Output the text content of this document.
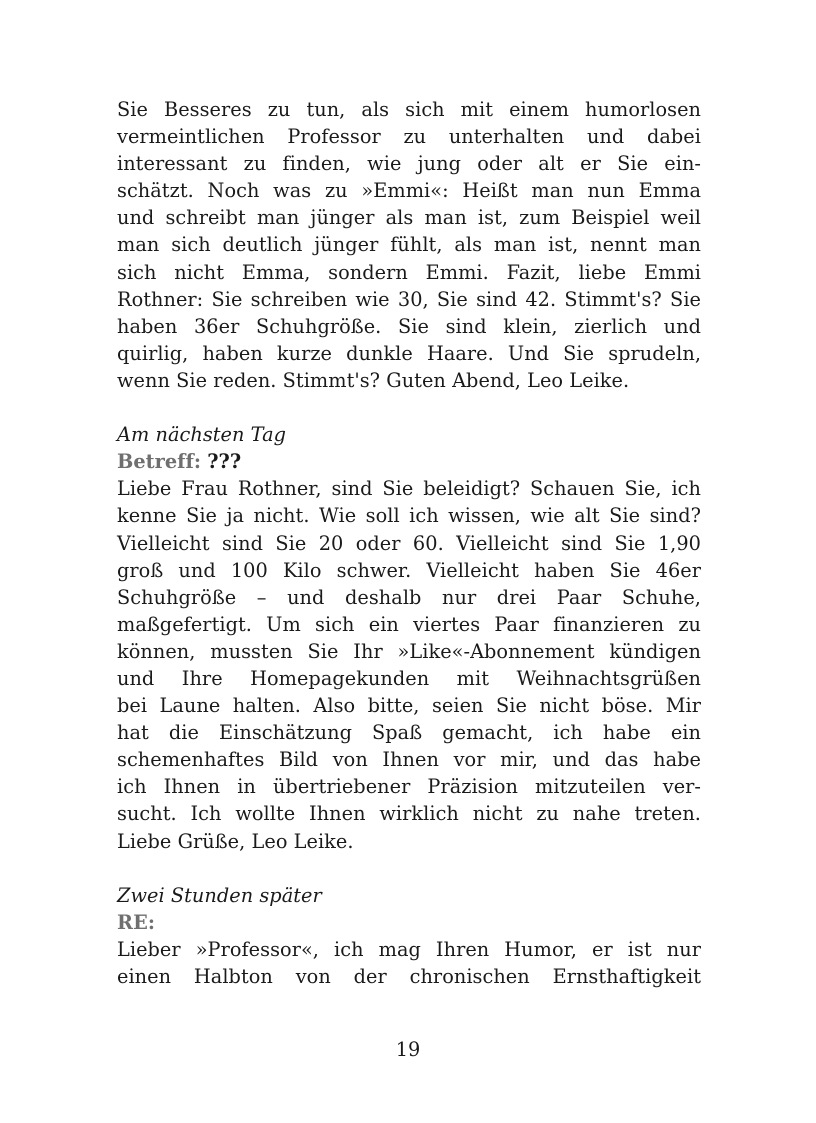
Sie Besseres zu tun, als sich mit einem humorlosen
vermeintlichen Professor zu unterhalten und dabei
interessant zu finden, wie jung oder alt er Sie ein-
schätzt. Noch was zu »Emmi«: Heißt man nun Emma
und schreibt man jünger als man ist, zum Beispiel weil
man sich deutlich jünger fühlt, als man ist, nennt man
sich nicht Emma, sondern Emmi. Fazit, liebe Emmi
Rothner: Sie schreiben wie 30, Sie sind 42. Stimmt's? Sie
haben 36er Schuhgröße. Sie sind klein, zierlich und
quirlig, haben kurze dunkle Haare. Und Sie sprudeln,
wenn Sie reden. Stimmt's? Guten Abend, Leo Leike.
Am nächsten Tag
Betreff: ???
Liebe Frau Rothner, sind Sie beleidigt? Schauen Sie, ich
kenne Sie ja nicht. Wie soll ich wissen, wie alt Sie sind?
Vielleicht sind Sie 20 oder 60. Vielleicht sind Sie 1,90
groß und 100 Kilo schwer. Vielleicht haben Sie 46er
Schuhgröße – und deshalb nur drei Paar Schuhe,
maßgefertigt. Um sich ein viertes Paar finanzieren zu
können, mussten Sie Ihr »Like«-Abonnement kündigen
und Ihre Homepagekunden mit Weihnachtsgrüßen
bei Laune halten. Also bitte, seien Sie nicht böse. Mir
hat die Einschätzung Spaß gemacht, ich habe ein
schemenhaftes Bild von Ihnen vor mir, und das habe
ich Ihnen in übertriebener Präzision mitzuteilen ver-
sucht. Ich wollte Ihnen wirklich nicht zu nahe treten.
Liebe Grüße, Leo Leike.
Zwei Stunden später
RE:
Lieber »Professor«, ich mag Ihren Humor, er ist nur
einen Halbton von der chronischen Ernsthaftigkeit
19
